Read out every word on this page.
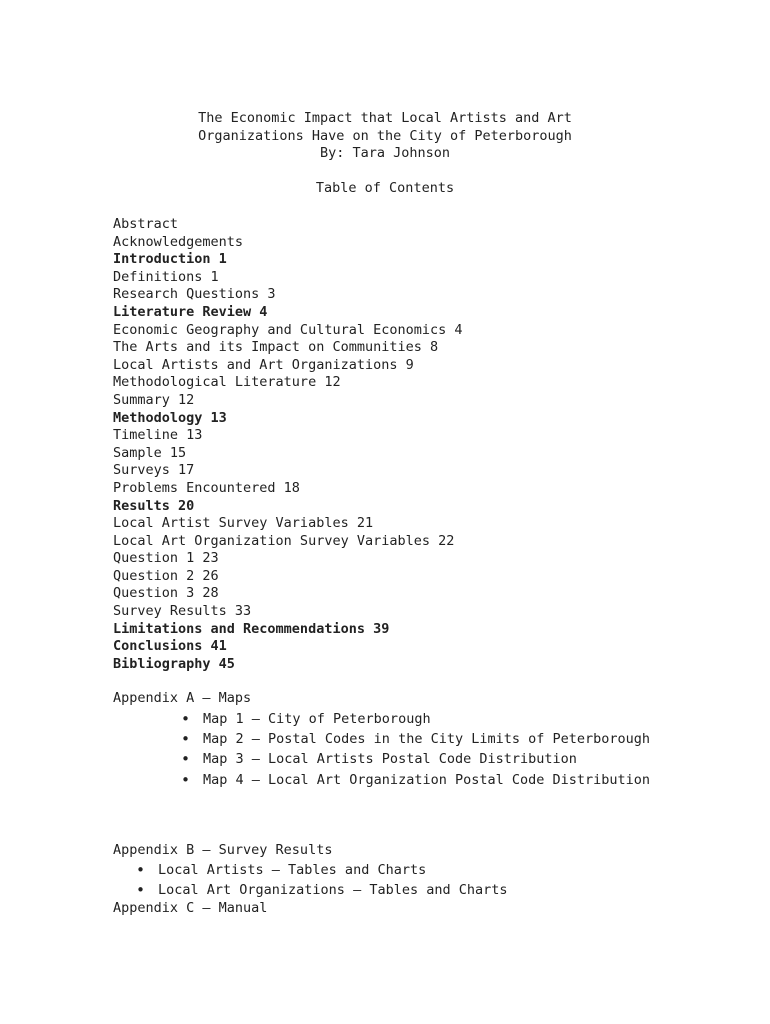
The Economic Impact that Local Artists and Art
Organizations Have on the City of Peterborough
By: Tara Johnson
Table of Contents
Abstract
Acknowledgements
Introduction 1
Definitions 1
Research Questions 3
Literature Review 4
Economic Geography and Cultural Economics 4
The Arts and its Impact on Communities 8
Local Artists and Art Organizations 9
Methodological Literature 12
Summary 12
Methodology 13
Timeline 13
Sample 15
Surveys 17
Problems Encountered 18
Results 20
Local Artist Survey Variables 21
Local Art Organization Survey Variables 22
Question 1 23
Question 2 26
Question 3 28
Survey Results 33
Limitations and Recommendations 39
Conclusions 41
Bibliography 45
Appendix A – Maps
• Map 1 – City of Peterborough
• Map 2 – Postal Codes in the City Limits of Peterborough
• Map 3 – Local Artists Postal Code Distribution
• Map 4 – Local Art Organization Postal Code Distribution
Appendix B – Survey Results
• Local Artists – Tables and Charts
• Local Art Organizations – Tables and Charts
Appendix C – Manual
